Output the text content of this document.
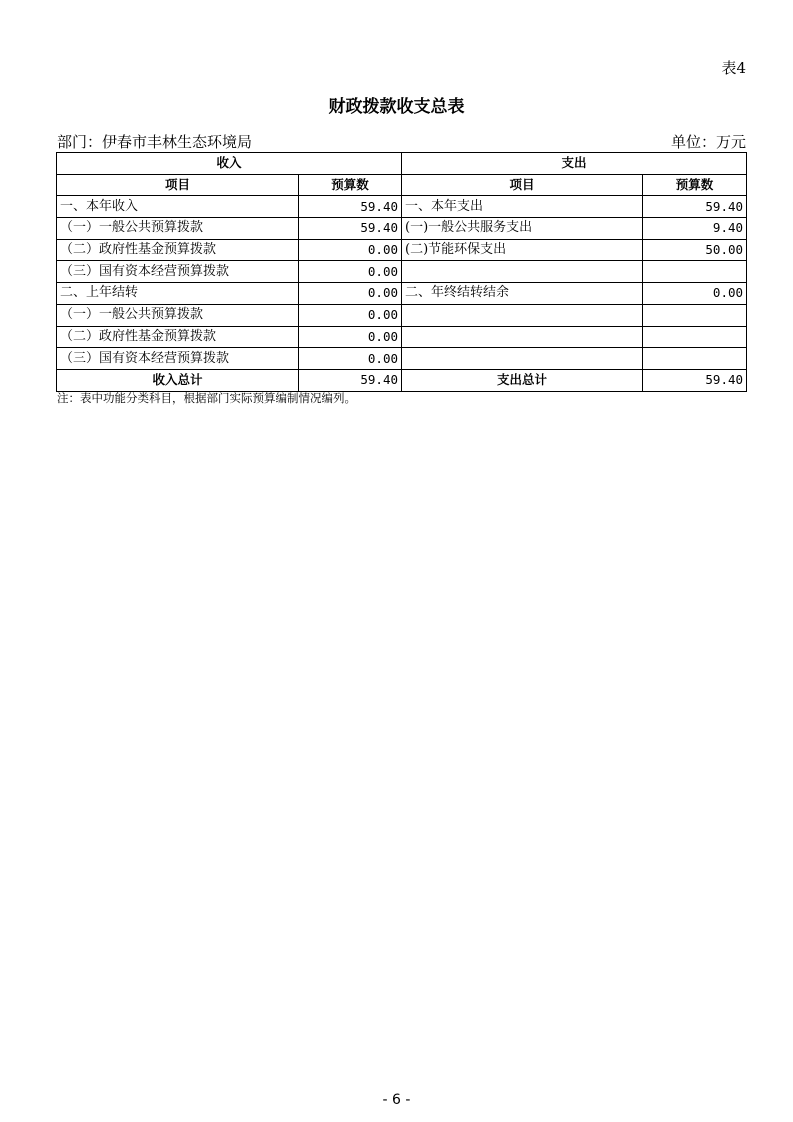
表4
财政拨款收支总表
部门：伊春市丰林生态环境局	单位：万元
收入		支出	
项目	预算数	项目	预算数
一、本年收入	59.40	一、本年支出	59.40
（一）一般公共预算拨款	59.40	(一)一般公共服务支出	9.40
（二）政府性基金预算拨款	0.00	(二)节能环保支出	50.00
（三）国有资本经营预算拨款	0.00		
二、上年结转	0.00	二、年终结转结余	0.00
（一）一般公共预算拨款	0.00		
（二）政府性基金预算拨款	0.00		
（三）国有资本经营预算拨款	0.00		
收入总计	59.40	支出总计	59.40
注：表中功能分类科目，根据部门实际预算编制情况编列。
- 6 -
